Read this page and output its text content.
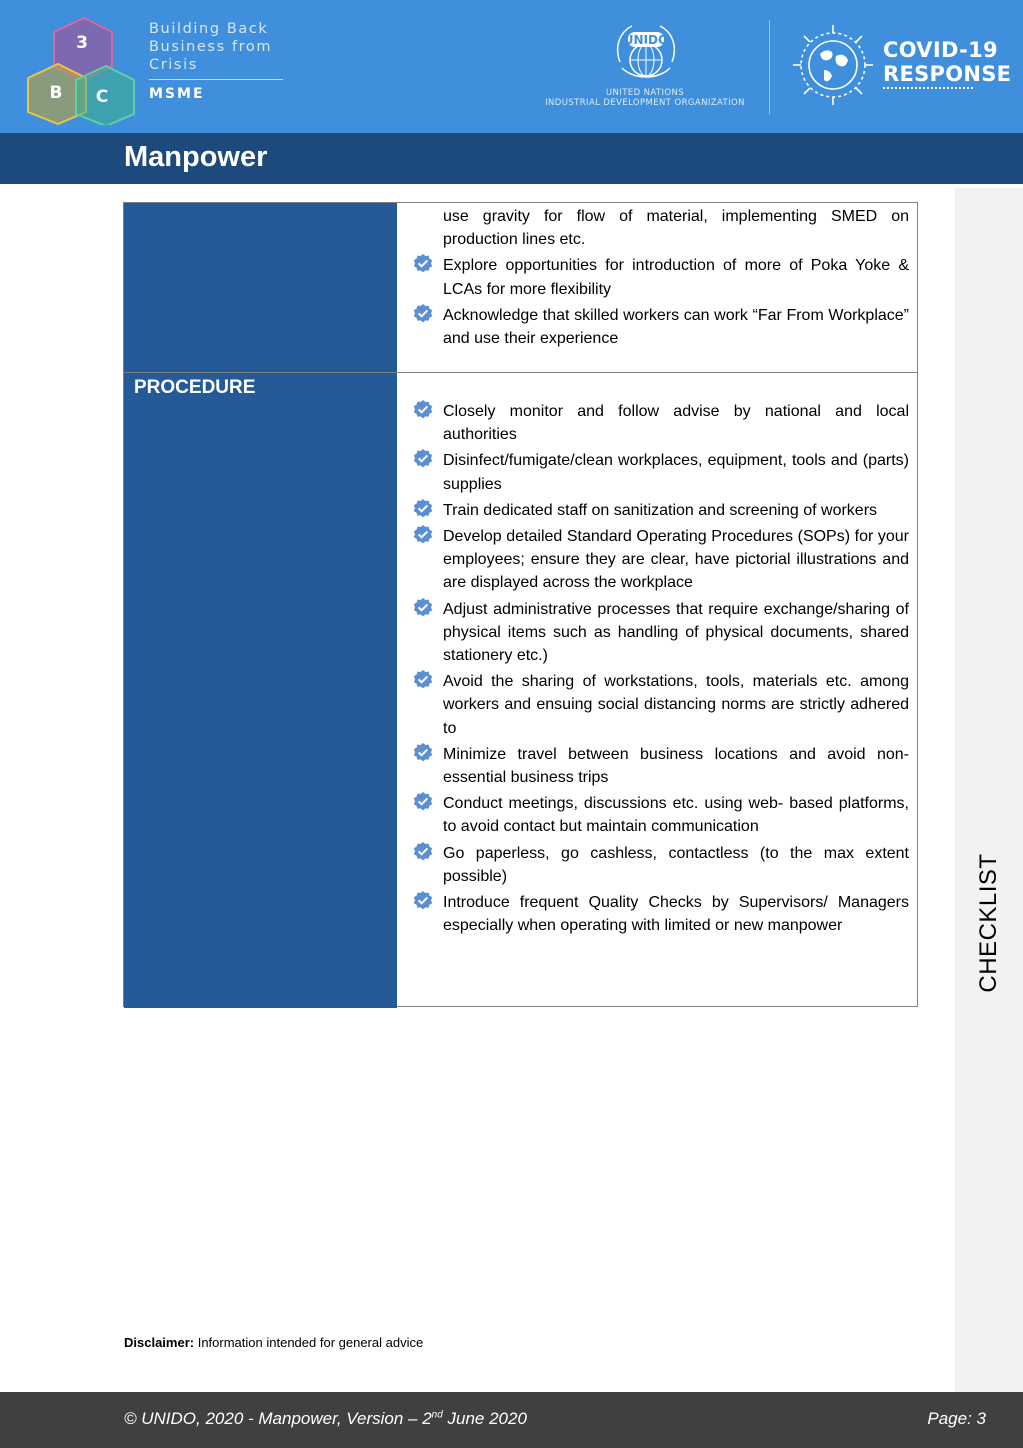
3
B C
Building Back
Business from
Crisis
MSME
UNIDO
UNITED NATIONS
INDUSTRIAL DEVELOPMENT ORGANIZATION
COVID-19
RESPONSE
Manpower
CHECKLIST
use gravity for flow of material, implementing SMED on production lines etc.
Explore opportunities for introduction of more of Poka Yoke & LCAs for more flexibility
Acknowledge that skilled workers can work “Far From Workplace” and use their experience
PROCEDURE
Closely monitor and follow advise by national and local authorities
Disinfect/fumigate/clean workplaces, equipment, tools and (parts) supplies
Train dedicated staff on sanitization and screening of workers
Develop detailed Standard Operating Procedures (SOPs) for your employees; ensure they are clear, have pictorial illustrations and are displayed across the workplace
Adjust administrative processes that require exchange/sharing of physical items such as handling of physical documents, shared stationery etc.)
Avoid the sharing of workstations, tools, materials etc. among workers and ensuing social distancing norms are strictly adhered to
Minimize travel between business locations and avoid non-essential business trips
Conduct meetings, discussions etc. using web- based platforms, to avoid contact but maintain communication
Go paperless, go cashless, contactless (to the max extent possible)
Introduce frequent Quality Checks by Supervisors/ Managers especially when operating with limited or new manpower
Disclaimer: Information intended for general advice
© UNIDO, 2020 - Manpower, Version – 2nd June 2020	Page: 3
